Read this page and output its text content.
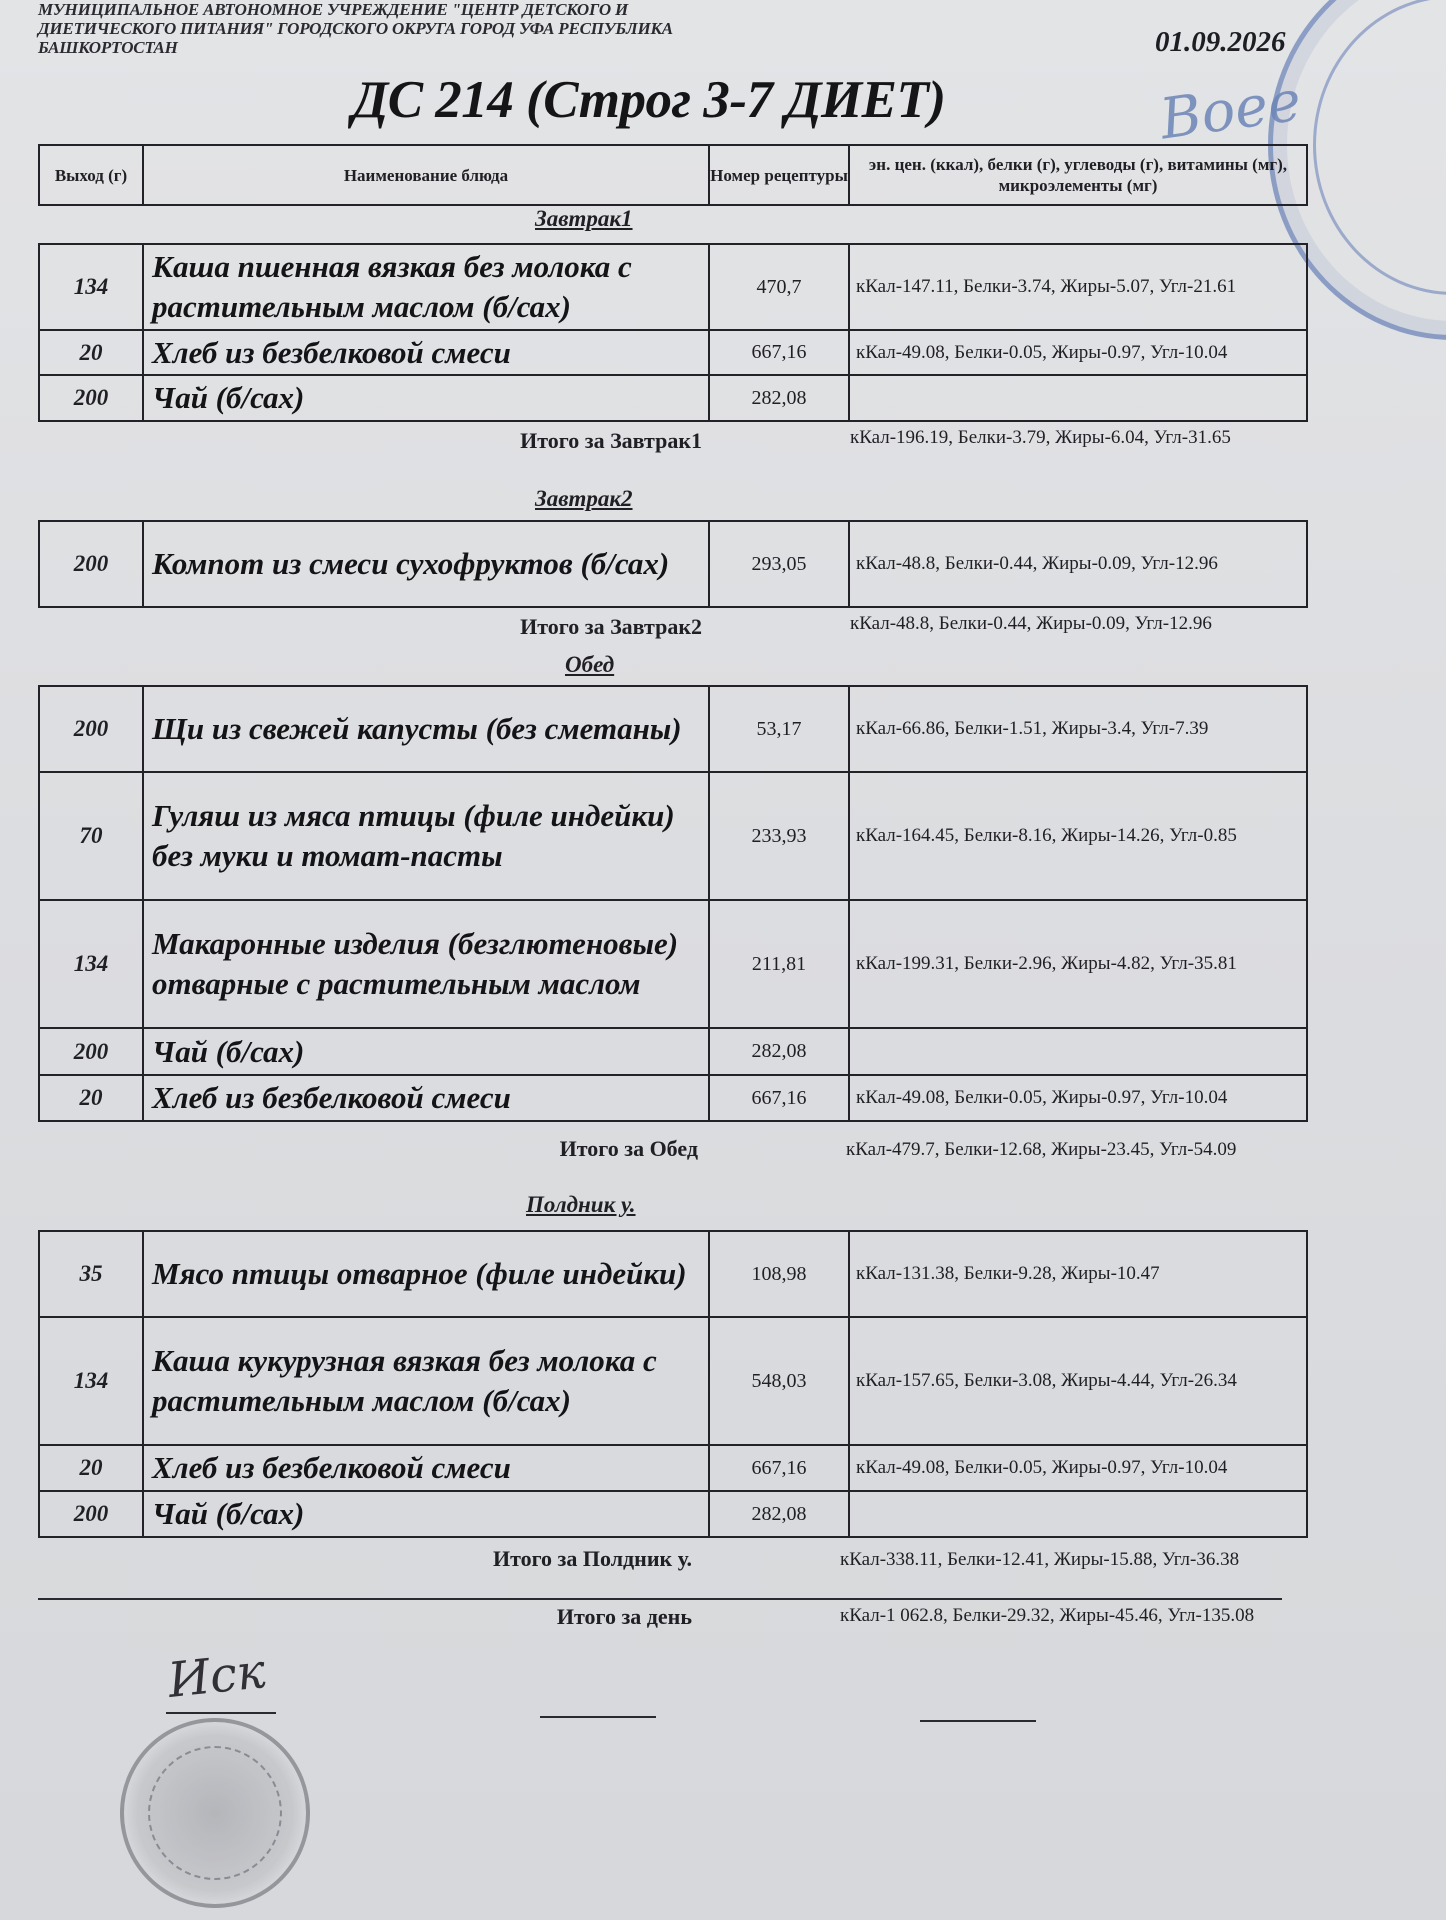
МУНИЦИПАЛЬНОЕ АВТОНОМНОЕ УЧРЕЖДЕНИЕ "ЦЕНТР ДЕТСКОГО И ДИЕТИЧЕСКОГО ПИТАНИЯ" ГОРОДСКОГО ОКРУГА ГОРОД УФА РЕСПУБЛИКА БАШКОРТОСТАН	01.09.2026
ДС 214 (Строг 3-7 ДИЕТ)	Воее
Выход (г)	Наименование блюда	Номер рецептуры	эн. цен. (ккал), белки (г), углеводы (г), витамины (мг), микроэлементы (мг)
Завтрак1
134	Каша пшенная вязкая без молока с растительным маслом (б/сах)	470,7	кКал-147.11, Белки-3.74, Жиры-5.07, Угл-21.61
20	Хлеб из безбелковой смеси	667,16	кКал-49.08, Белки-0.05, Жиры-0.97, Угл-10.04
200	Чай (б/сах)	282,08	
Итого за Завтрак1	кКал-196.19, Белки-3.79, Жиры-6.04, Угл-31.65
Завтрак2
200	Компот из смеси сухофруктов (б/сах)	293,05	кКал-48.8, Белки-0.44, Жиры-0.09, Угл-12.96
Итого за Завтрак2	кКал-48.8, Белки-0.44, Жиры-0.09, Угл-12.96
Обед
200	Щи из свежей капусты (без сметаны)	53,17	кКал-66.86, Белки-1.51, Жиры-3.4, Угл-7.39
70	Гуляш из мяса птицы (филе индейки) без муки и томат-пасты	233,93	кКал-164.45, Белки-8.16, Жиры-14.26, Угл-0.85
134	Макаронные изделия (безглютеновые) отварные с растительным маслом	211,81	кКал-199.31, Белки-2.96, Жиры-4.82, Угл-35.81
200	Чай (б/сах)	282,08	
20	Хлеб из безбелковой смеси	667,16	кКал-49.08, Белки-0.05, Жиры-0.97, Угл-10.04
Итого за Обед	кКал-479.7, Белки-12.68, Жиры-23.45, Угл-54.09
Полдник у.
35	Мясо птицы отварное (филе индейки)	108,98	кКал-131.38, Белки-9.28, Жиры-10.47
134	Каша кукурузная вязкая без молока с растительным маслом (б/сах)	548,03	кКал-157.65, Белки-3.08, Жиры-4.44, Угл-26.34
20	Хлеб из безбелковой смеси	667,16	кКал-49.08, Белки-0.05, Жиры-0.97, Угл-10.04
200	Чай (б/сах)	282,08	
Итого за Полдник у.	кКал-338.11, Белки-12.41, Жиры-15.88, Угл-36.38
Итого за день	кКал-1 062.8, Белки-29.32, Жиры-45.46, Угл-135.08
Иск
